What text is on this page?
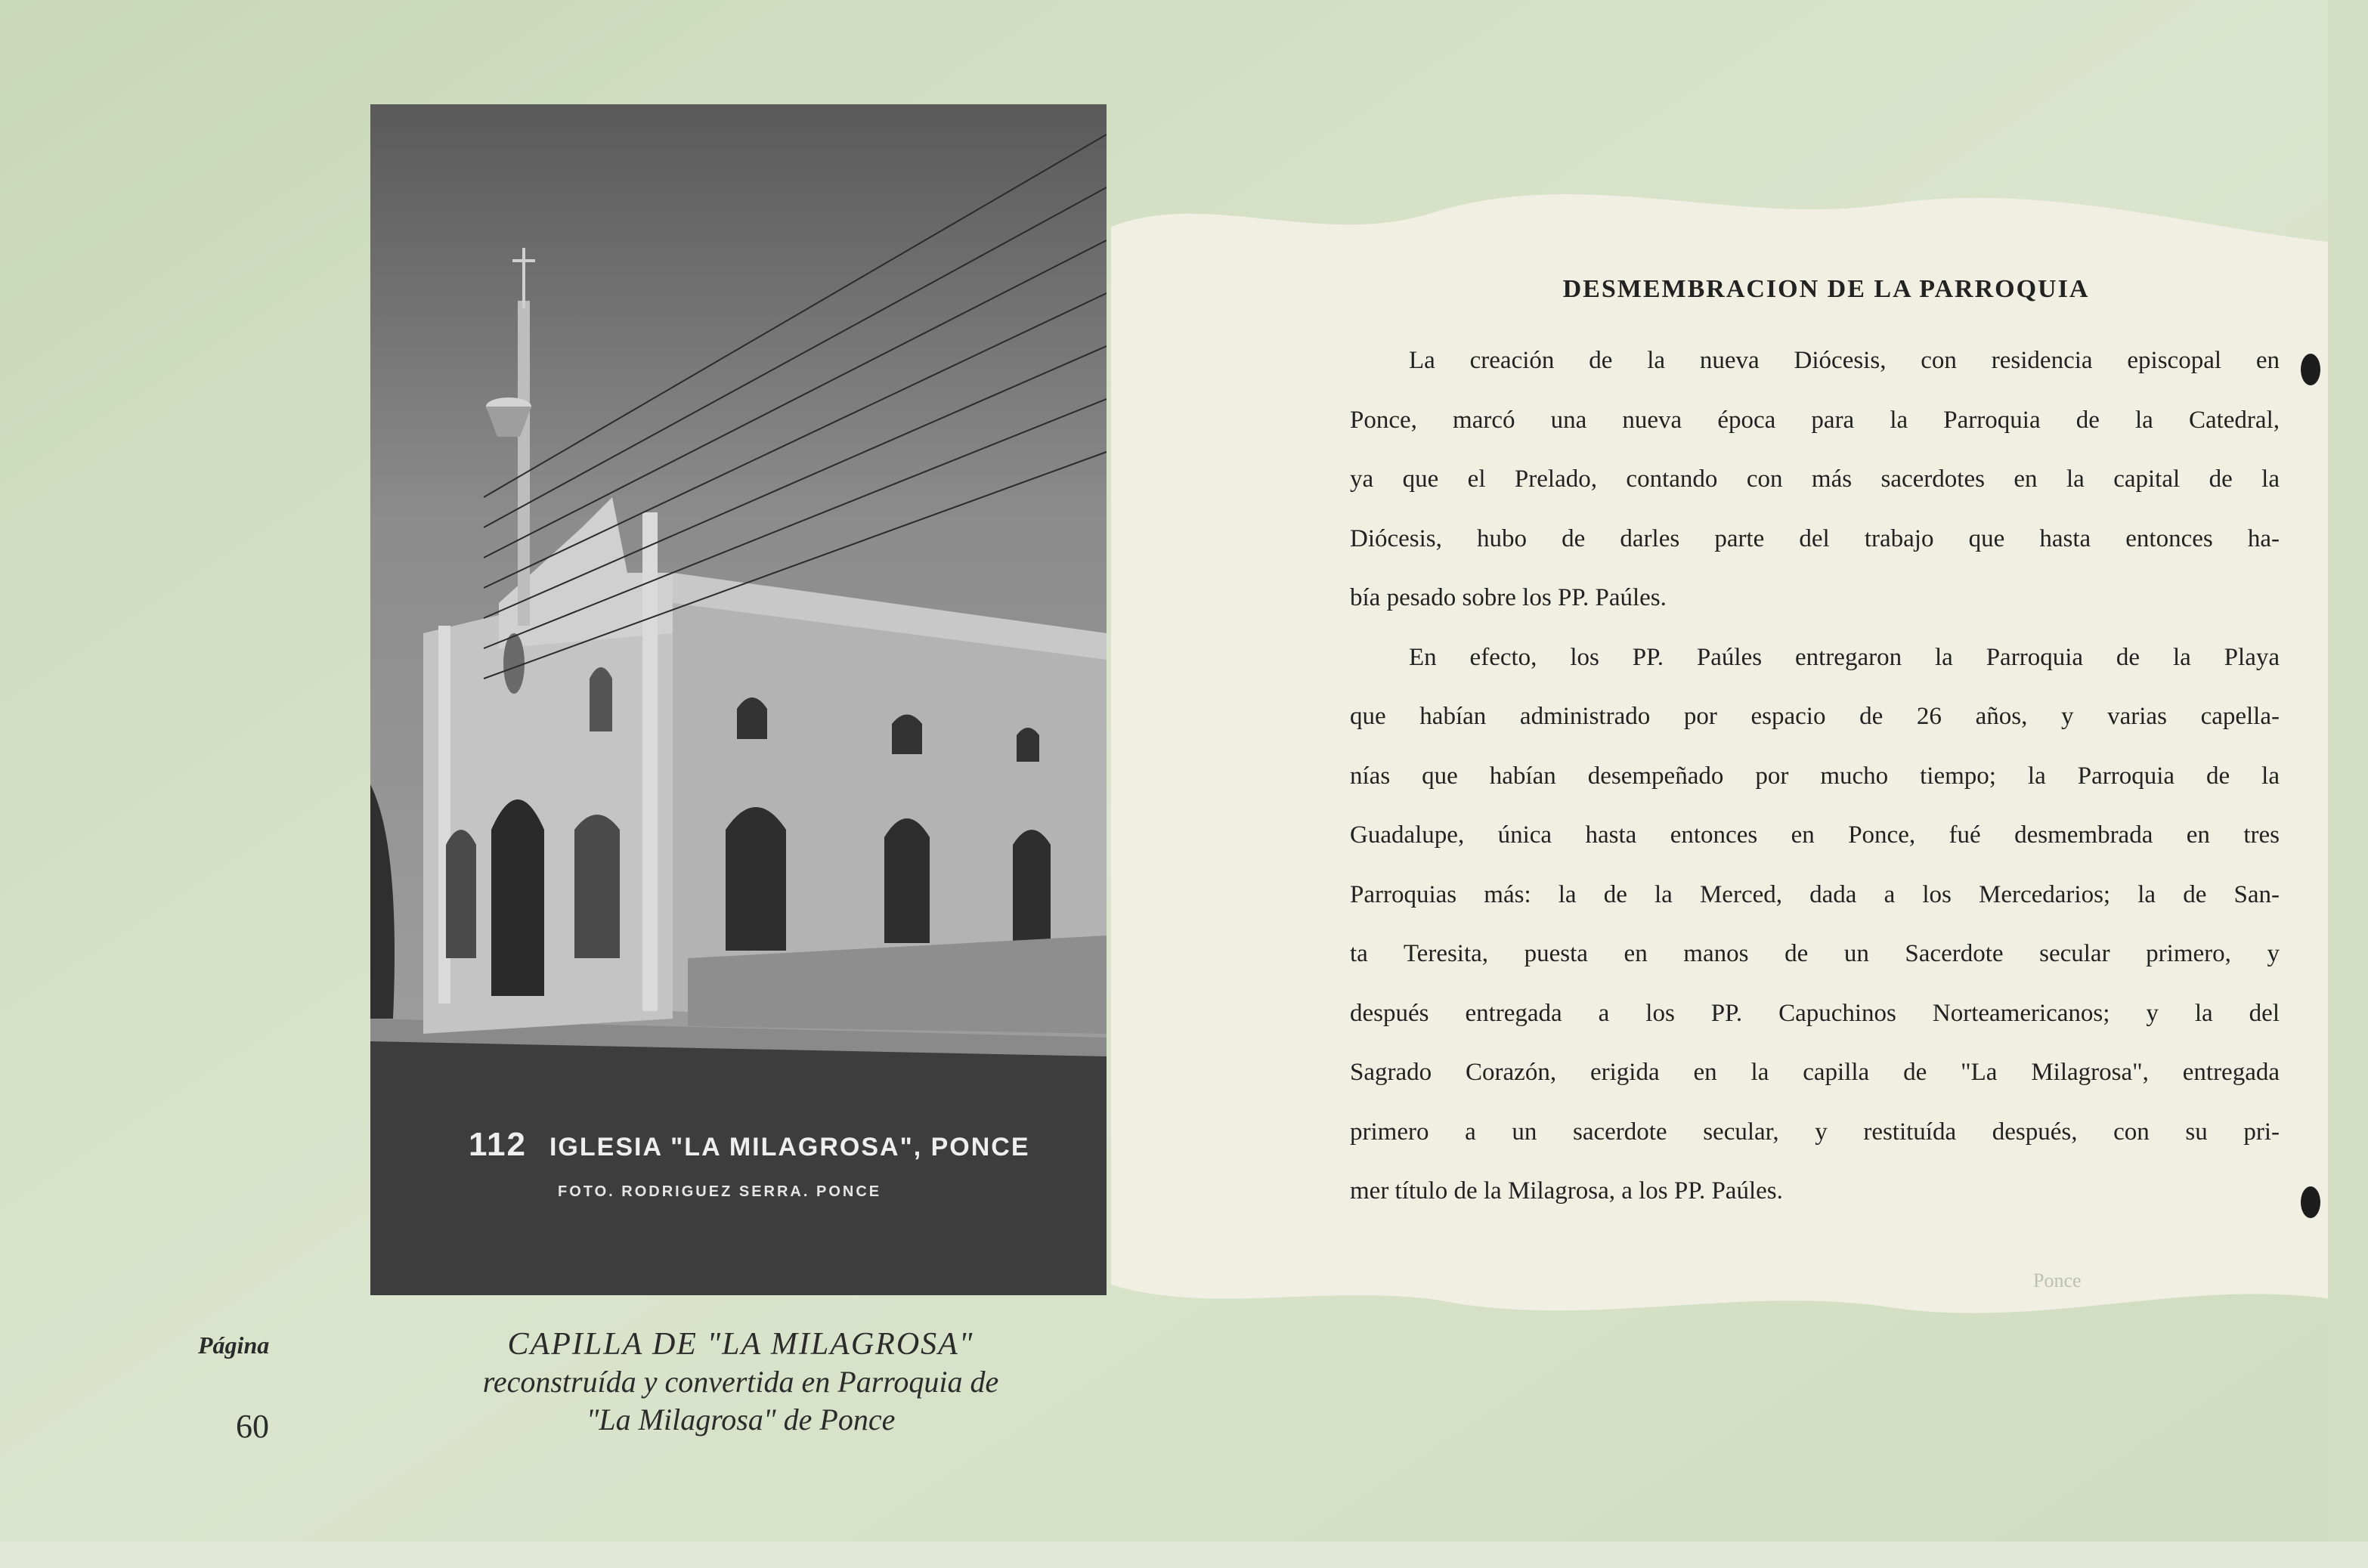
112 IGLESIA "LA MILAGROSA", PONCE
FOTO. RODRIGUEZ SERRA. PONCE
DESMEMBRACION DE LA PARROQUIA
La creación de la nueva Diócesis, con residencia episcopal en
Ponce, marcó una nueva época para la Parroquia de la Catedral,
ya que el Prelado, contando con más sacerdotes en la capital de la
Diócesis, hubo de darles parte del trabajo que hasta entonces ha-
bía pesado sobre los PP. Paúles.
En efecto, los PP. Paúles entregaron la Parroquia de la Playa
que habían administrado por espacio de 26 años, y varias capella-
nías que habían desempeñado por mucho tiempo; la Parroquia de la
Guadalupe, única hasta entonces en Ponce, fué desmembrada en tres
Parroquias más: la de la Merced, dada a los Mercedarios; la de San-
ta Teresita, puesta en manos de un Sacerdote secular primero, y
después entregada a los PP. Capuchinos Norteamericanos; y la del
Sagrado Corazón, erigida en la capilla de "La Milagrosa", entregada
primero a un sacerdote secular, y restituída después, con su pri-
mer título de la Milagrosa, a los PP. Paúles.
Ponce
CAPILLA DE "LA MILAGROSA"
reconstruída y convertida en Parroquia de
"La Milagrosa" de Ponce
Página
60
